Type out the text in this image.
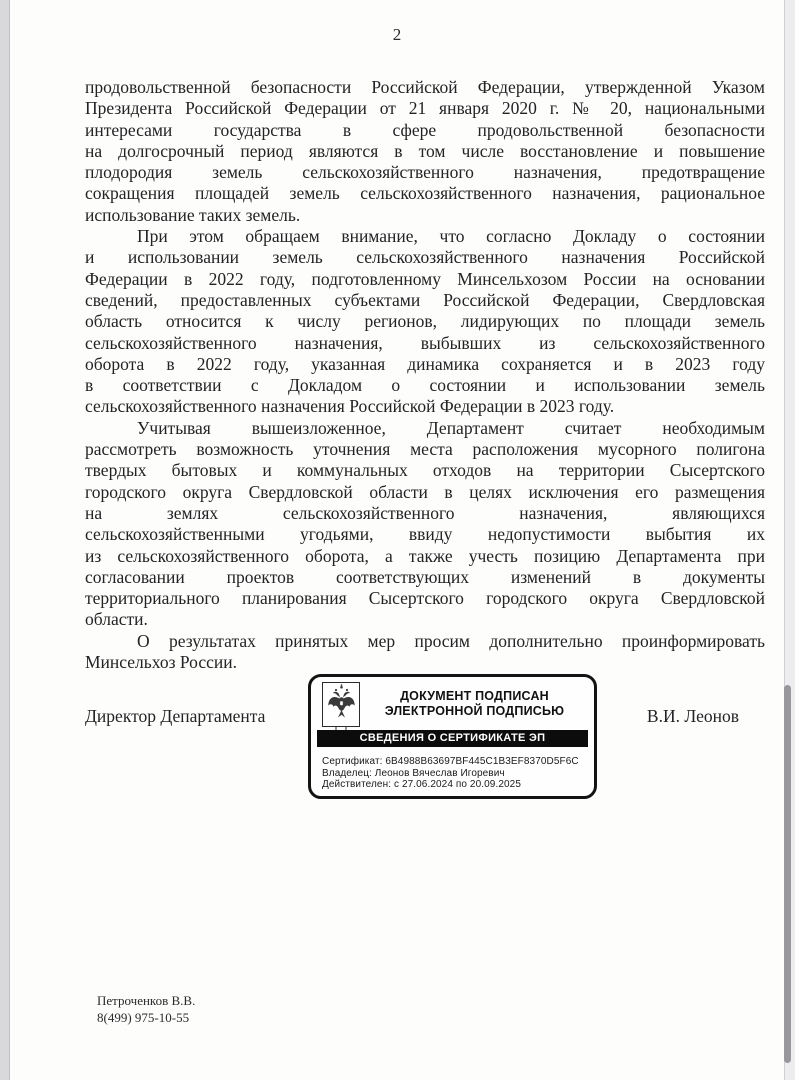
2
продовольственной безопасности Российской Федерации, утвержденной Указом
Президента Российской Федерации от 21 января 2020 г. № 20, национальными
интересами государства в сфере продовольственной безопасности
на долгосрочный период являются в том числе восстановление и повышение
плодородия земель сельскохозяйственного назначения, предотвращение
сокращения площадей земель сельскохозяйственного назначения, рациональное
использование таких земель.
При этом обращаем внимание, что согласно Докладу о состоянии
и использовании земель сельскохозяйственного назначения Российской
Федерации в 2022 году, подготовленному Минсельхозом России на основании
сведений, предоставленных субъектами Российской Федерации, Свердловская
область относится к числу регионов, лидирующих по площади земель
сельскохозяйственного назначения, выбывших из сельскохозяйственного
оборота в 2022 году, указанная динамика сохраняется и в 2023 году
в соответствии с Докладом о состоянии и использовании земель
сельскохозяйственного назначения Российской Федерации в 2023 году.
Учитывая вышеизложенное, Департамент считает необходимым
рассмотреть возможность уточнения места расположения мусорного полигона
твердых бытовых и коммунальных отходов на территории Сысертского
городского округа Свердловской области в целях исключения его размещения
на землях сельскохозяйственного назначения, являющихся
сельскохозяйственными угодьями, ввиду недопустимости выбытия их
из сельскохозяйственного оборота, а также учесть позицию Департамента при
согласовании проектов соответствующих изменений в документы
территориального планирования Сысертского городского округа Свердловской
области.
О результатах принятых мер просим дополнительно проинформировать
Минсельхоз России.
Директор Департамента
ДОКУМЕНТ ПОДПИСАН
ЭЛЕКТРОННОЙ ПОДПИСЬЮ
СВЕДЕНИЯ О СЕРТИФИКАТЕ ЭП
Сертификат: 6B4988B63697BF445C1B3EF8370D5F6C
Владелец: Леонов Вячеслав Игоревич
Действителен: с 27.06.2024 по 20.09.2025
В.И. Леонов
Петроченков В.В.
8(499) 975-10-55
